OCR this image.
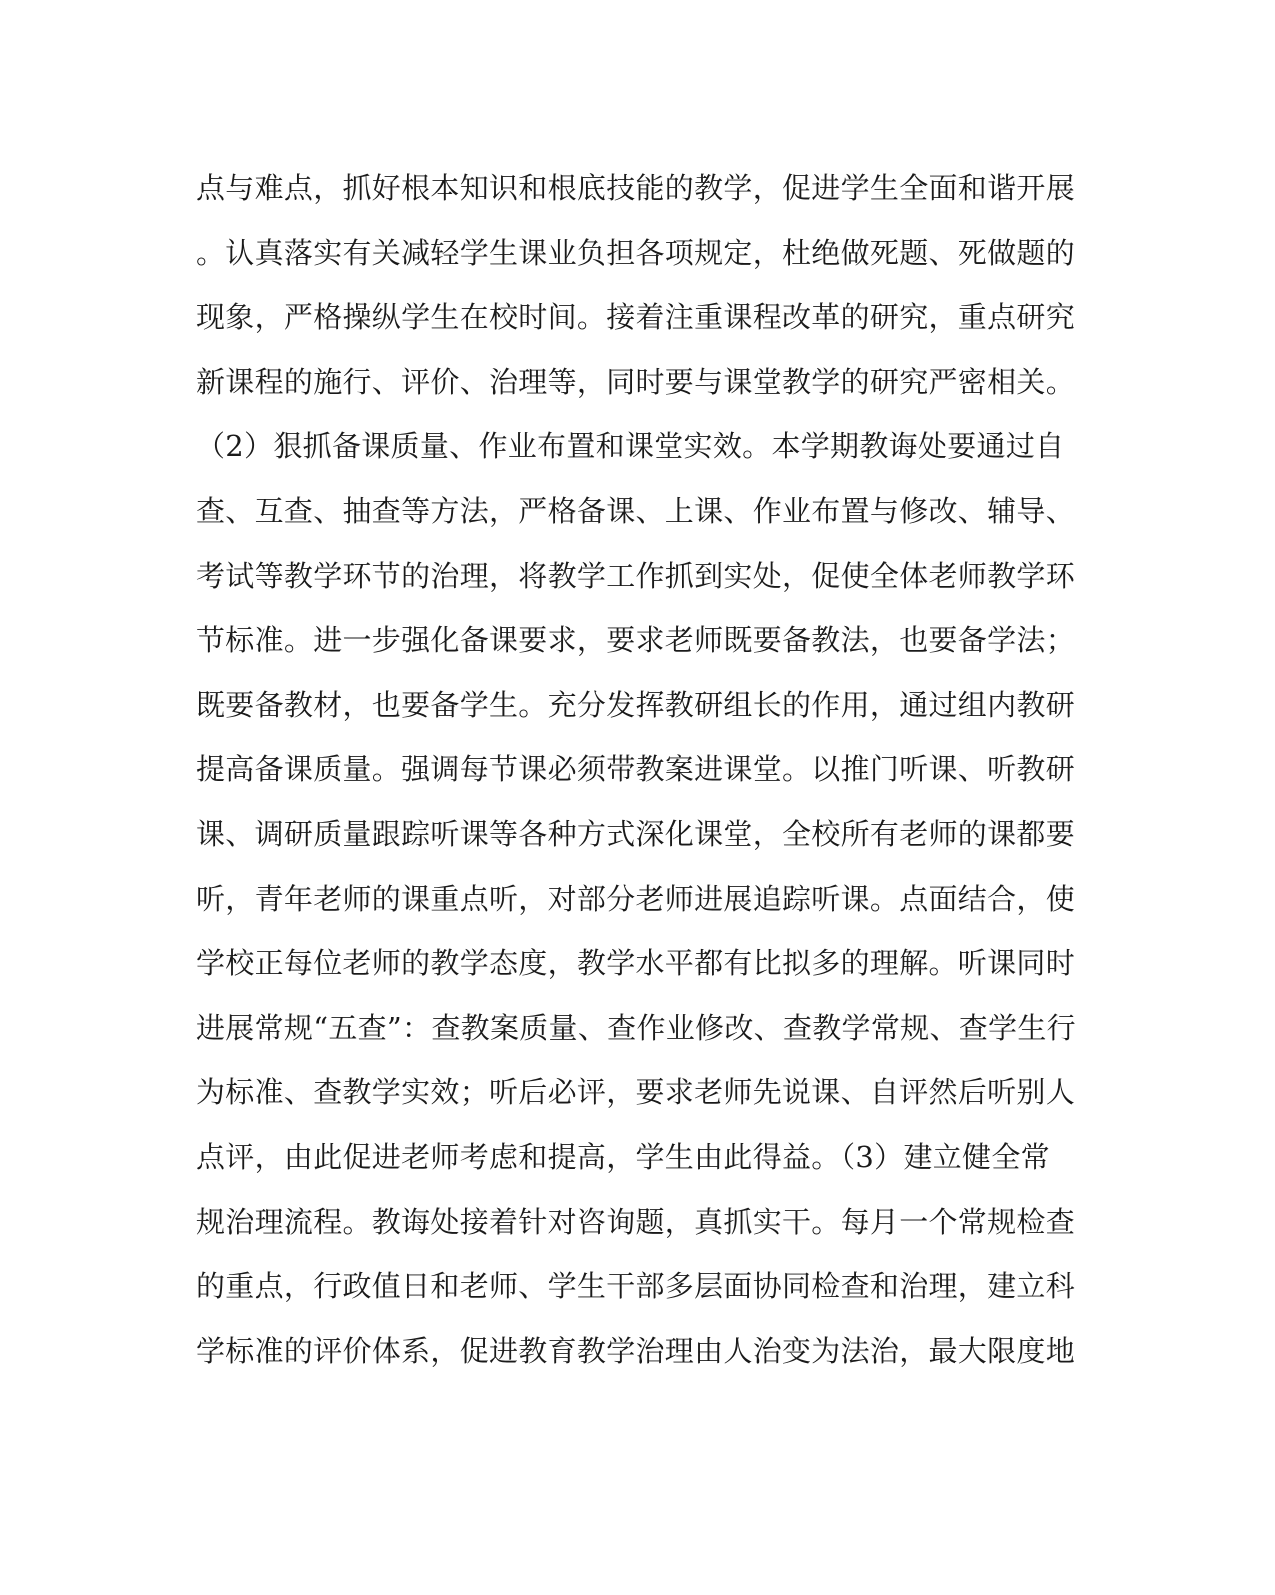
点与难点，抓好根本知识和根底技能的教学，促进学生全面和谐开展
。认真落实有关减轻学生课业负担各项规定，杜绝做死题、死做题的
现象，严格操纵学生在校时间。接着注重课程改革的研究，重点研究
新课程的施行、评价、治理等，同时要与课堂教学的研究严密相关。
（2）狠抓备课质量、作业布置和课堂实效。本学期教诲处要通过自
查、互查、抽查等方法，严格备课、上课、作业布置与修改、辅导、
考试等教学环节的治理，将教学工作抓到实处，促使全体老师教学环
节标准。进一步强化备课要求，要求老师既要备教法，也要备学法；
既要备教材，也要备学生。充分发挥教研组长的作用，通过组内教研
提高备课质量。强调每节课必须带教案进课堂。以推门听课、听教研
课、调研质量跟踪听课等各种方式深化课堂，全校所有老师的课都要
听，青年老师的课重点听，对部分老师进展追踪听课。点面结合，使
学校正每位老师的教学态度，教学水平都有比拟多的理解。听课同时
进展常规“五查”：查教案质量、查作业修改、查教学常规、查学生行
为标准、查教学实效；听后必评，要求老师先说课、自评然后听别人
点评，由此促进老师考虑和提高，学生由此得益。（3）建立健全常
规治理流程。教诲处接着针对咨询题，真抓实干。每月一个常规检查
的重点，行政值日和老师、学生干部多层面协同检查和治理，建立科
学标准的评价体系，促进教育教学治理由人治变为法治，最大限度地
